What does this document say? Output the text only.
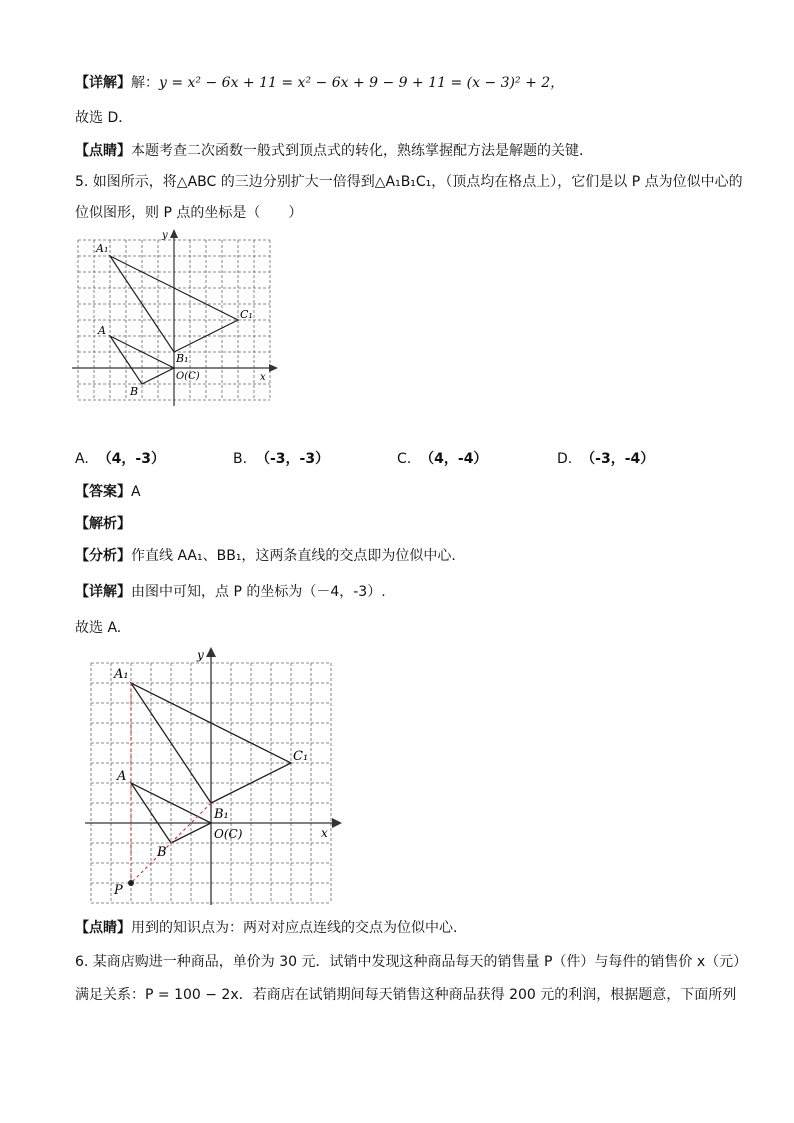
【详解】解：y = x² − 6x + 11 = x² − 6x + 9 − 9 + 11 = (x − 3)² + 2，
故选 D．
【点睛】本题考查二次函数一般式到顶点式的转化，熟练掌握配方法是解题的关键．
5. 如图所示，将△ABC 的三边分别扩大一倍得到△A₁B₁C₁，（顶点均在格点上），它们是以 P 点为位似中心的
位似图形，则 P 点的坐标是（　　）
A₁
A
B
B₁
C₁
O(C)	x
y
A. （4，-3）	B. （-3，-3）	C. （4，-4）	D. （-3，-4）
【答案】A
【解析】
【分析】作直线 AA₁、BB₁，这两条直线的交点即为位似中心.
【详解】由图中可知，点 P 的坐标为（－4，-3）.
故选 A.
A₁
A
B
B₁
C₁
O(C)
P
x
y
【点睛】用到的知识点为：两对对应点连线的交点为位似中心.
6. 某商店购进一种商品，单价为 30 元．试销中发现这种商品每天的销售量 P（件）与每件的销售价 x（元）
满足关系：P = 100 − 2x．若商店在试销期间每天销售这种商品获得 200 元的利润，根据题意，下面所列
